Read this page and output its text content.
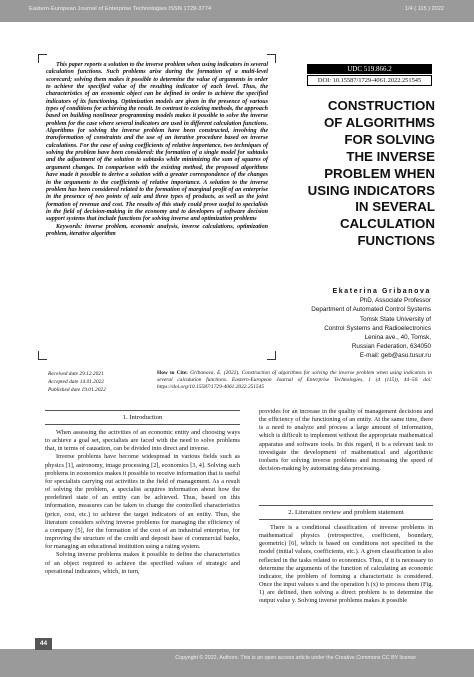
Eastern-European Journal of Enterprise Technologies ISSN 1729-3774	1/4 ( 115 ) 2022

This paper reports a solution to the inverse problem when using indicators in several calculation functions. Such problems arise during the formation of a multi-level scorecard; solving them makes it possible to determine the value of arguments in order to achieve the specified value of the resulting indicator of each level. Thus, the characteristics of an economic object can be defined in order to achieve the specified indicators of its functioning. Optimization models are given in the presence of various types of conditions for achieving the result. In contrast to existing methods, the approach based on building nonlinear programming models makes it possible to solve the inverse problem for the case where several indicators are used in different calculation functions. Algorithms for solving the inverse problem have been constructed, involving the transformation of constraints and the use of an iterative procedure based on inverse calculations. For the case of using coefficients of relative importance, two techniques of solving the problem have been considered: the formation of a single model for subtasks and the adjustment of the solution to subtasks while minimizing the sum of squares of argument changes. In comparison with the existing method, the proposed algorithms have made it possible to derive a solution with a greater correspondence of the changes in the arguments to the coefficients of relative importance. A solution to the inverse problem has been considered related to the formation of marginal profit of an enterprise in the presence of two points of sale and three types of products, as well as the joint formation of revenue and cost. The results of this study could prove useful to specialists in the field of decision-making in the economy and to developers of software decision support systems that include functions for solving inverse and optimization problems

Keywords: inverse problem, economic analysis, inverse calculations, optimization problem, iterative algorithm

UDC 519.866.2
DOI: 10.15587/1729-4061.2022.251545
CONSTRUCTION
OF ALGORITHMS
FOR SOLVING
THE INVERSE
PROBLEM WHEN
USING INDICATORS
IN SEVERAL
CALCULATION
FUNCTIONS
Ekaterina Gribanova
PhD, Associate Professor
Department of Automated Control Systems
Tomsk State University of
Control Systems and Radioelectronics
Lenina ave., 40, Tomsk,
Russian Federation, 634050
E-mail: geb@asu.tusur.ru
Received date 29.12.2021
Accepted date 14.01.2022
Published date 19.01.2022
How to Cite: Gribanova, E. (2022). Construction of algorithms for solving the inverse problem when using indicators in several calculation functions. Eastern-European Journal of Enterprise Technologies, 1 (4 (115)), 44–50. doi: https://doi.org/10.15587/1729-4061.2022.251545
1. Introduction

When assessing the activities of an economic entity and choosing ways to achieve a goal set, specialists are faced with the need to solve problems that, in terms of causation, can be divided into direct and inverse.

Inverse problems have become widespread in various fields such as physics [1], astronomy, image processing [2], economics [3, 4]. Solving such problems in economics makes it possible to receive information that is useful for specialists carrying out activities in the field of management. As a result of solving the problem, a specialist acquires information about how the predefined state of an entity can be achieved. Thus, based on this information, measures can be taken to change the controlled characteristics (price, cost, etc.) to achieve the target indicators of an entity. Thus, the literature considers solving inverse problems for managing the efficiency of a company [5], for the formation of the cost of an industrial enterprise, for improving the structure of the credit and deposit base of commercial banks, for managing an educational institution using a rating system.

Solving inverse problems makes it possible to define the characteristics of an object required to achieve the specified values of strategic and operational indicators, which, in turn,

provides for an increase in the quality of management decisions and the efficiency of the functioning of an entity. At the same time, there is a need to analyze and process a large amount of information, which is difficult to implement without the appropriate mathematical apparatus and software tools. In this regard, it is a relevant task to investigate the development of mathematical and algorithmic toolsets for solving inverse problems and increasing the speed of decision-making by automating data processing.

2. Literature review and problem statement

There is a conditional classification of inverse problems in mathematical physics (retrospective, coefficient, boundary, geometric) [6], which is based on conditions not specified in the model (initial values, coefficients, etc.). A given classification is also reflected in the tasks related to economics. Thus, if it is necessary to determine the arguments of the function of calculating an economic indicator, the problem of forming a characteristic is considered. Once the input values x and the operation h (x) to process them (Fig. 1) are defined, then solving a direct problem is to determine the output value y. Solving inverse problems makes it possible

44
Copyright © 2022, Authors. This is an open access article under the Creative Commons CC BY license
